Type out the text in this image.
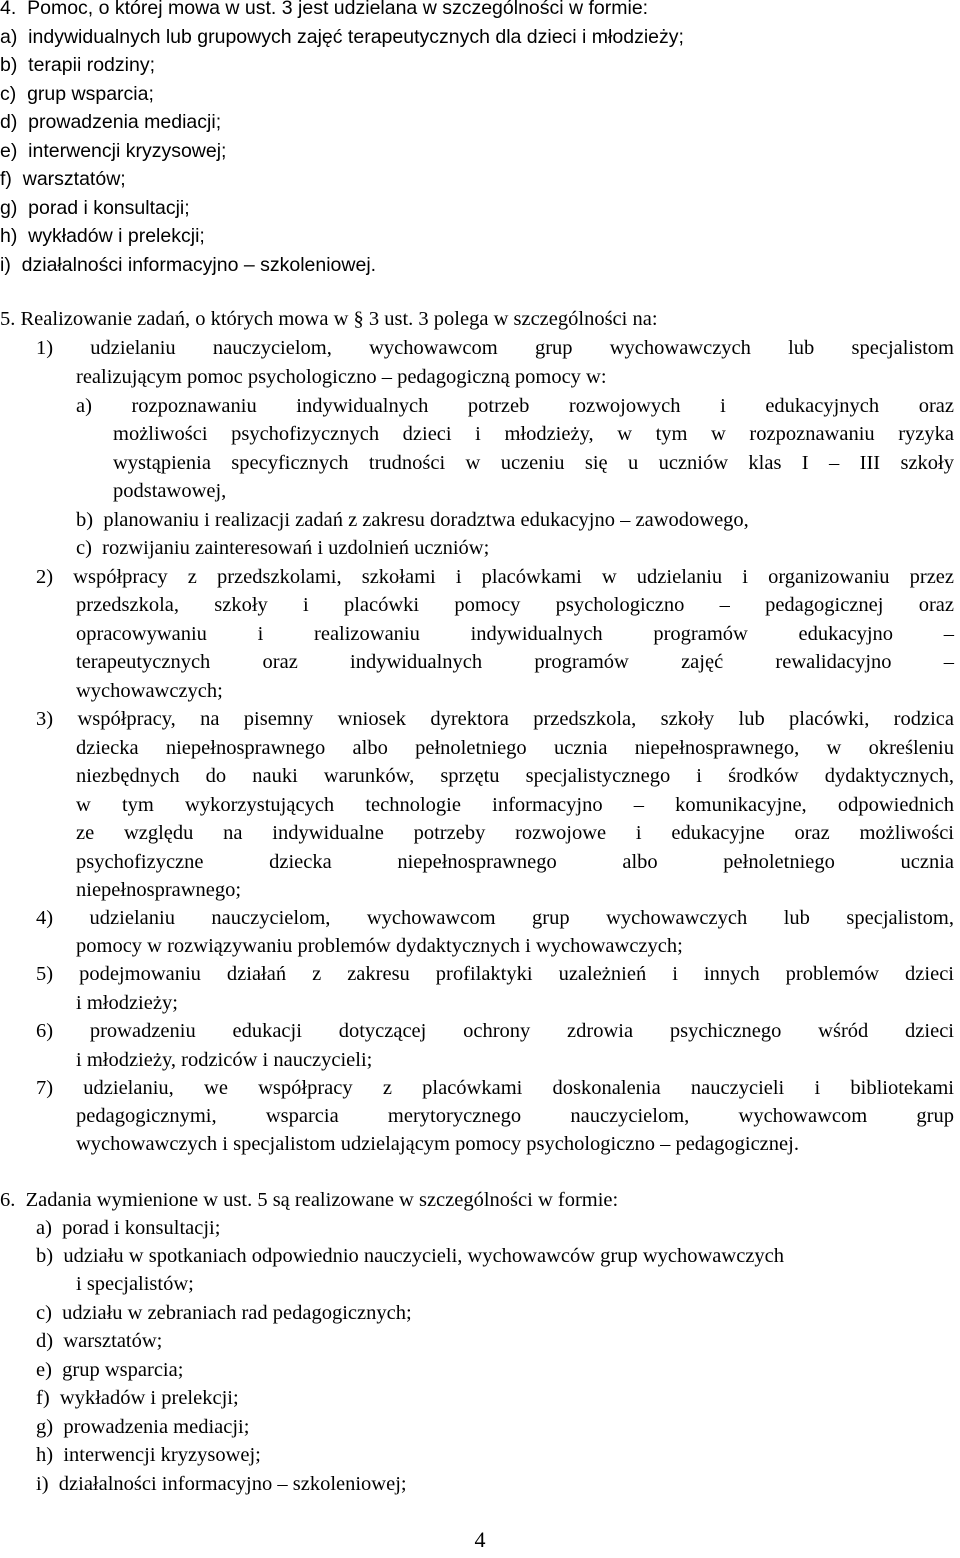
4.  Pomoc, o której mowa w ust. 3 jest udzielana w szczególności w formie:
a)  indywidualnych lub grupowych zajęć terapeutycznych dla dzieci i młodzieży;
b)  terapii rodziny;
c)  grup wsparcia;
d)  prowadzenia mediacji;
e)  interwencji kryzysowej;
f)  warsztatów;
g)  porad i konsultacji;
h)  wykładów i prelekcji;
i)  działalności informacyjno – szkoleniowej.
5. Realizowanie zadań, o których mowa w § 3 ust. 3 polega w szczególności na:
1) udzielaniu nauczycielom, wychowawcom grup wychowawczych lub specjalistom
realizującym pomoc psychologiczno – pedagogiczną pomocy w:
a) rozpoznawaniu indywidualnych potrzeb rozwojowych i edukacyjnych oraz
możliwości psychofizycznych dzieci i młodzieży, w tym w rozpoznawaniu ryzyka
wystąpienia specyficznych trudności w uczeniu się u uczniów klas I – III szkoły
podstawowej,
b)  planowaniu i realizacji zadań z zakresu doradztwa edukacyjno – zawodowego,
c)  rozwijaniu zainteresowań i uzdolnień uczniów;
2) współpracy z przedszkolami, szkołami i placówkami w udzielaniu i organizowaniu przez
przedszkola, szkoły i placówki pomocy psychologiczno – pedagogicznej oraz
opracowywaniu i realizowaniu indywidualnych programów edukacyjno –
terapeutycznych oraz indywidualnych programów zajęć rewalidacyjno –
wychowawczych;
3) współpracy, na pisemny wniosek dyrektora przedszkola, szkoły lub placówki, rodzica
dziecka niepełnosprawnego albo pełnoletniego ucznia niepełnosprawnego, w określeniu
niezbędnych do nauki warunków, sprzętu specjalistycznego i środków dydaktycznych,
w tym wykorzystujących technologie informacyjno – komunikacyjne, odpowiednich
ze względu na indywidualne potrzeby rozwojowe i edukacyjne oraz możliwości
psychofizyczne dziecka niepełnosprawnego albo pełnoletniego ucznia
niepełnosprawnego;
4) udzielaniu nauczycielom, wychowawcom grup wychowawczych lub specjalistom,
pomocy w rozwiązywaniu problemów dydaktycznych i wychowawczych;
5) podejmowaniu działań z zakresu profilaktyki uzależnień i innych problemów dzieci
i młodzieży;
6) prowadzeniu edukacji dotyczącej ochrony zdrowia psychicznego wśród dzieci
i młodzieży, rodziców i nauczycieli;
7) udzielaniu, we współpracy z placówkami doskonalenia nauczycieli i bibliotekami
pedagogicznymi, wsparcia merytorycznego nauczycielom, wychowawcom grup
wychowawczych i specjalistom udzielającym pomocy psychologiczno – pedagogicznej.
6.  Zadania wymienione w ust. 5 są realizowane w szczególności w formie:
a)  porad i konsultacji;
b)  udziału w spotkaniach odpowiednio nauczycieli, wychowawców grup wychowawczych
i specjalistów;
c)  udziału w zebraniach rad pedagogicznych;
d)  warsztatów;
e)  grup wsparcia;
f)  wykładów i prelekcji;
g)  prowadzenia mediacji;
h)  interwencji kryzysowej;
i)  działalności informacyjno – szkoleniowej;
4
